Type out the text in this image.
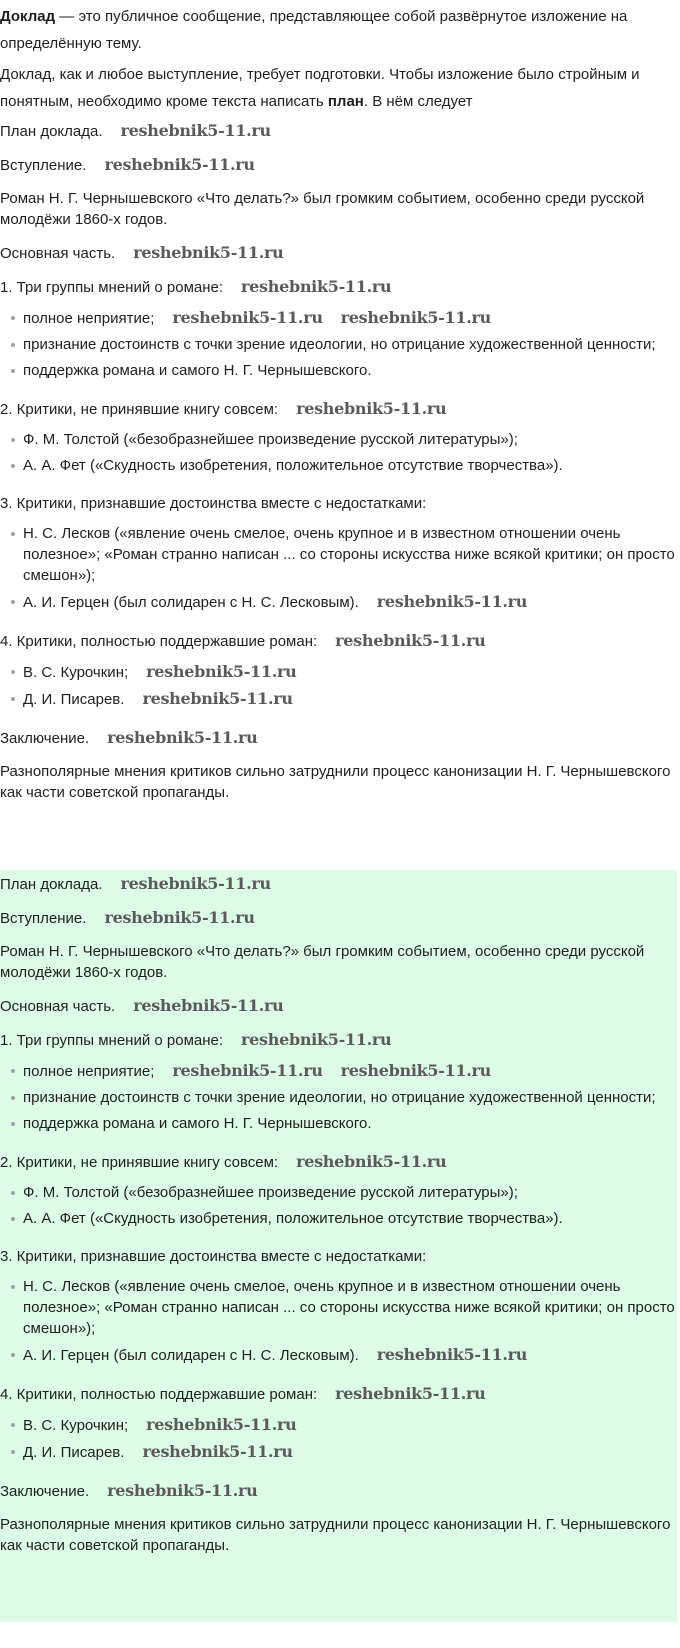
Доклад — это публичное сообщение, представляющее собой развёрнутое изложение на определённую тему.

Доклад, как и любое выступление, требует подготовки. Чтобы изложение было стройным и понятным, необходимо кроме текста написать план. В нём следует

План доклада. reshebnik5-11.ru

Вступление. reshebnik5-11.ru

Роман Н. Г. Чернышевского «Что делать?» был громким событием, особенно среди русской молодёжи 1860-х годов.

Основная часть. reshebnik5-11.ru

1. Три группы мнений о романе: reshebnik5-11.ru

полное неприятие; reshebnik5-11.ru reshebnik5-11.ru
признание достоинств с точки зрение идеологии, но отрицание художественной ценности;
поддержка романа и самого Н. Г. Чернышевского.

2. Критики, не принявшие книгу совсем: reshebnik5-11.ru

Ф. М. Толстой («безобразнейшее произведение русской литературы»);
А. А. Фет («Скудность изобретения, положительное отсутствие творчества»).

3. Критики, признавшие достоинства вместе с недостатками:

Н. С. Лесков («явление очень смелое, очень крупное и в известном отношении очень полезное»; «Роман странно написан ... со стороны искусства ниже всякой критики; он просто смешон»);
А. И. Герцен (был солидарен с Н. С. Лесковым). reshebnik5-11.ru

4. Критики, полностью поддержавшие роман: reshebnik5-11.ru

В. С. Курочкин; reshebnik5-11.ru
Д. И. Писарев. reshebnik5-11.ru

Заключение. reshebnik5-11.ru

Разнополярные мнения критиков сильно затруднили процесс канонизации Н. Г. Чернышевского как части советской пропаганды.

План доклада. reshebnik5-11.ru

Вступление. reshebnik5-11.ru

Роман Н. Г. Чернышевского «Что делать?» был громким событием, особенно среди русской молодёжи 1860-х годов.

Основная часть. reshebnik5-11.ru

1. Три группы мнений о романе: reshebnik5-11.ru

полное неприятие; reshebnik5-11.ru reshebnik5-11.ru
признание достоинств с точки зрение идеологии, но отрицание художественной ценности;
поддержка романа и самого Н. Г. Чернышевского.

2. Критики, не принявшие книгу совсем: reshebnik5-11.ru

Ф. М. Толстой («безобразнейшее произведение русской литературы»);
А. А. Фет («Скудность изобретения, положительное отсутствие творчества»).

3. Критики, признавшие достоинства вместе с недостатками:

Н. С. Лесков («явление очень смелое, очень крупное и в известном отношении очень полезное»; «Роман странно написан ... со стороны искусства ниже всякой критики; он просто смешон»);
А. И. Герцен (был солидарен с Н. С. Лесковым). reshebnik5-11.ru

4. Критики, полностью поддержавшие роман: reshebnik5-11.ru

В. С. Курочкин; reshebnik5-11.ru
Д. И. Писарев. reshebnik5-11.ru

Заключение. reshebnik5-11.ru

Разнополярные мнения критиков сильно затруднили процесс канонизации Н. Г. Чернышевского как части советской пропаганды.
